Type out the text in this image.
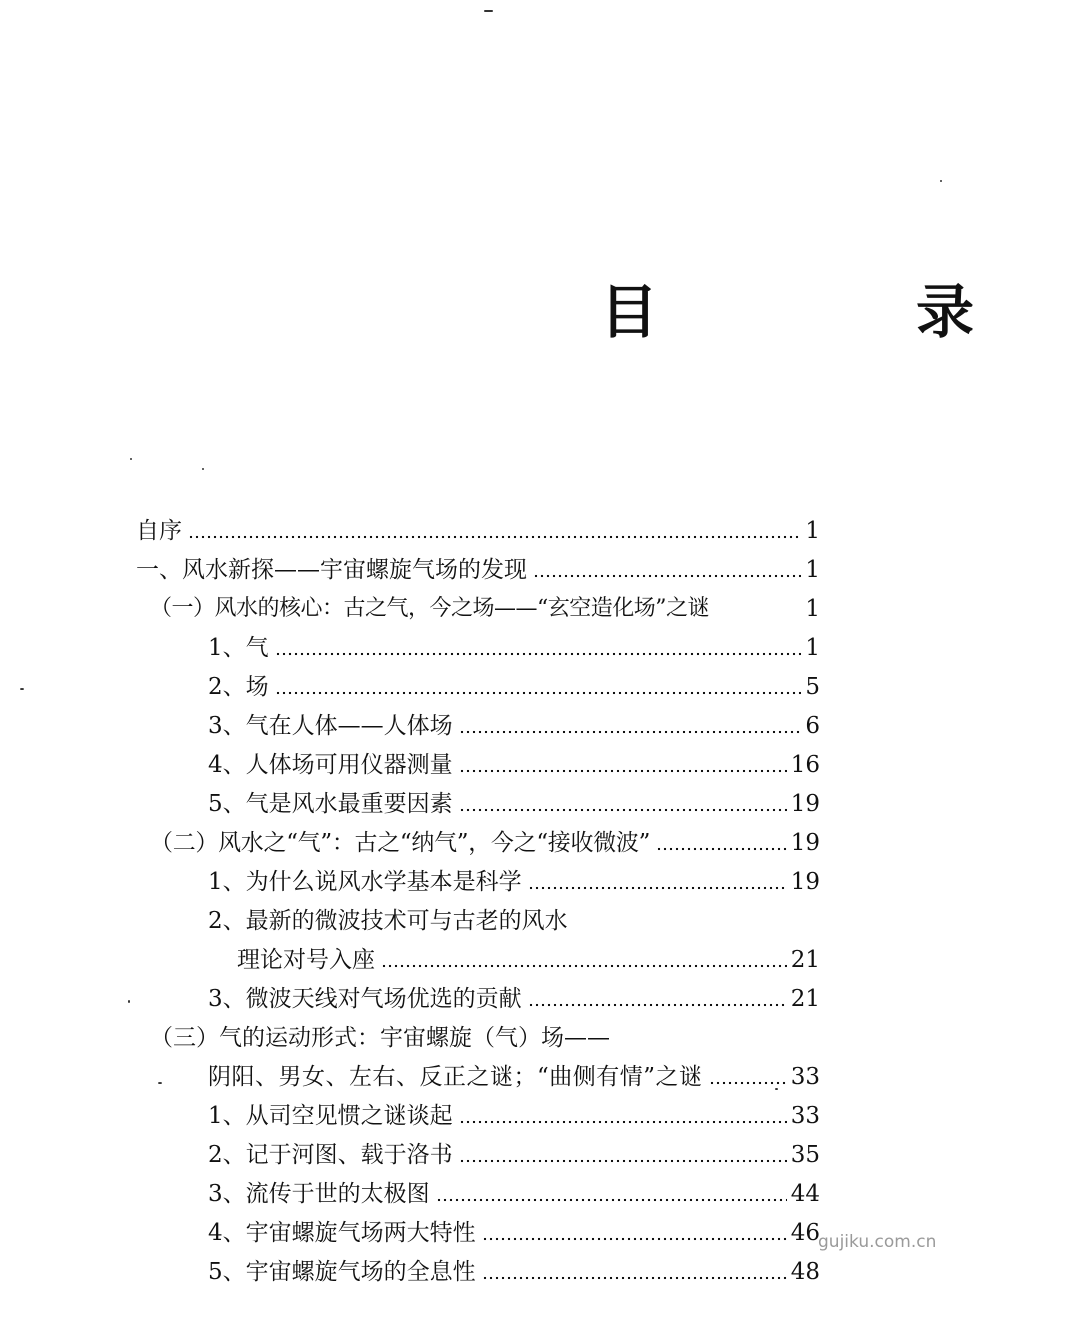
目　录
自序	1
一、风水新探——宇宙螺旋气场的发现	1
（一）风水的核心：古之气，今之场——“玄空造化场”之谜	1
1、气	1
2、场	5
3、气在人体——人体场	6
4、人体场可用仪器测量	16
5、气是风水最重要因素	19
（二）风水之“气”：古之“纳气”，今之“接收微波”	19
1、为什么说风水学基本是科学	19
2、最新的微波技术可与古老的风水
理论对号入座	21
3、微波天线对气场优选的贡献	21
（三）气的运动形式：宇宙螺旋（气）场——
阴阳、男女、左右、反正之谜；“曲侧有情”之谜	33
1、从司空见惯之谜谈起	33
2、记于河图、载于洛书	35
3、流传于世的太极图	44
4、宇宙螺旋气场两大特性	46
5、宇宙螺旋气场的全息性	48
gujiku.com.cn
